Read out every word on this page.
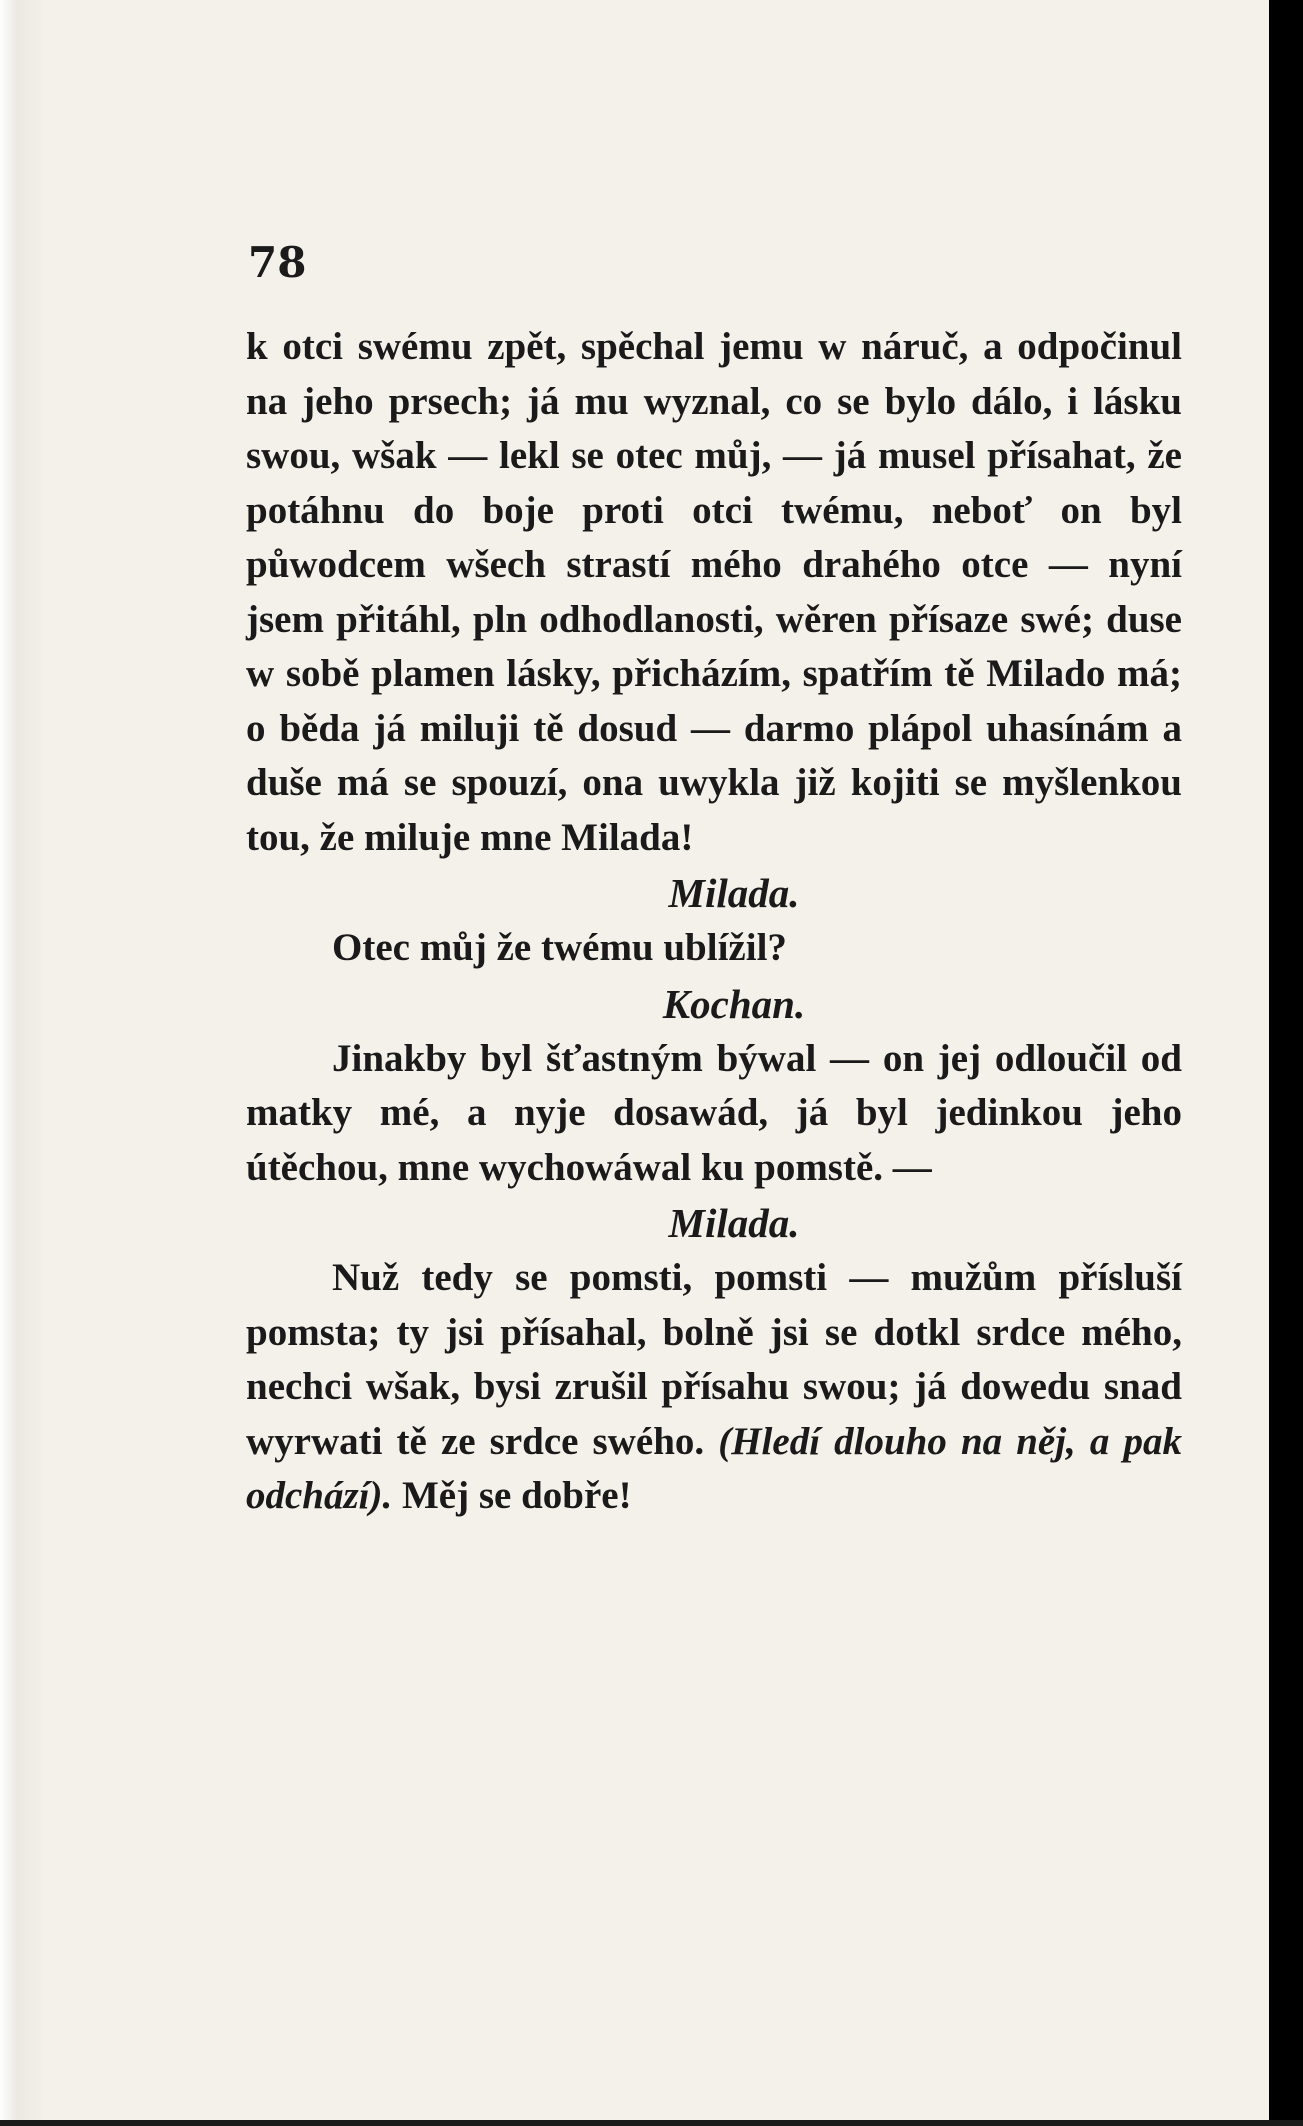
78

k otci swému zpět, spěchal jemu w náruč, a odpočinul na jeho prsech; já mu wyznal, co se bylo dálo, i lásku swou, wšak — lekl se otec můj, — já musel přísahat, že potáhnu do boje proti otci twému, neboť on byl půwodcem wšech strastí mého drahého otce — nyní jsem přitáhl, pln odhodlanosti, wěren přísaze swé; duse w sobě plamen lásky, přicházím, spatřím tě Milado má; o běda já miluji tě dosud — darmo plápol uhasínám a duše má se spouzí, ona uwykla již kojiti se myšlenkou tou, že miluje mne Milada!

Milada.

Otec můj že twému ublížil?

Kochan.

Jinakby byl šťastným býwal — on jej odloučil od matky mé, a nyje dosawád, já byl jedinkou jeho útěchou, mne wychowáwal ku pomstě. —

Milada.

Nuž tedy se pomsti, pomsti — mužům přísluší pomsta; ty jsi přísahal, bolně jsi se dotkl srdce mého, nechci wšak, bysi zrušil přísahu swou; já dowedu snad wyrwati tě ze srdce swého. (Hledí dlouho na něj, a pak odchází). Měj se dobře!
